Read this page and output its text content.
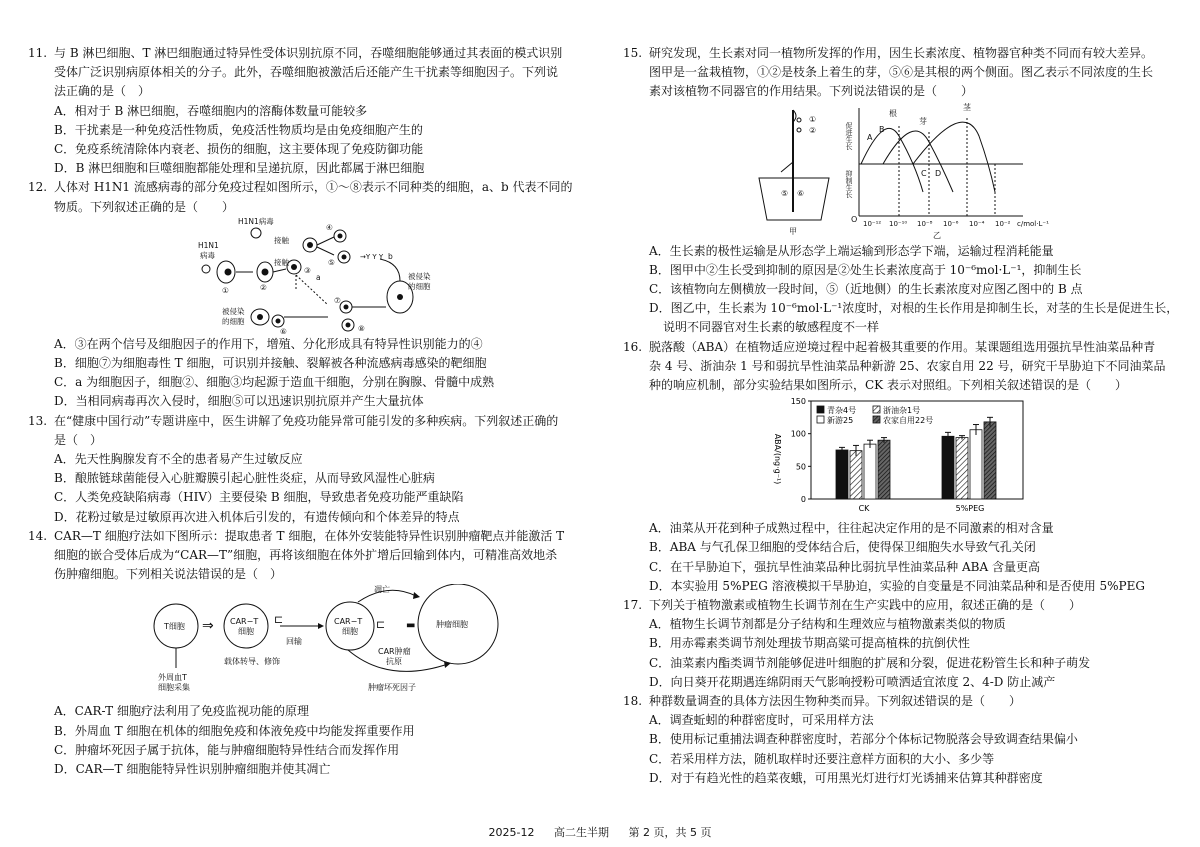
11. 与 B 淋巴细胞、T 淋巴细胞通过特异性受体识别抗原不同，吞噬细胞能够通过其表面的模式识别
受体广泛识别病原体相关的分子。此外，吞噬细胞被激活后还能产生干扰素等细胞因子。下列说
法正确的是（　）
A．相对于 B 淋巴细胞，吞噬细胞内的溶酶体数量可能较多
B．干扰素是一种免疫活性物质，免疫活性物质均是由免疫细胞产生的
C．免疫系统清除体内衰老、损伤的细胞，这主要体现了免疫防御功能
D．B 淋巴细胞和巨噬细胞都能处理和呈递抗原，因此都属于淋巴细胞
12. 人体对 H1N1 流感病毒的部分免疫过程如图所示，①～⑧表示不同种类的细胞，a、b 代表不同的
物质。下列叙述正确的是（　　）
H1N1病毒
接触
接触
H1N1
病毒
①	②
③
a
④
⑤
→Y Y Y b
被侵染
的细胞
被侵染
的细胞
⑥
⑦
⑧
A．③在两个信号及细胞因子的作用下，增殖、分化形成具有特异性识别能力的④
B．细胞⑦为细胞毒性 T 细胞，可识别并接触、裂解被各种流感病毒感染的靶细胞
C．a 为细胞因子，细胞②、细胞③均起源于造血干细胞，分别在胸腺、骨髓中成熟
D．当相同病毒再次入侵时，细胞⑤可以迅速识别抗原并产生大量抗体
13. 在“健康中国行动”专题讲座中，医生讲解了免疫功能异常可能引发的多种疾病。下列叙述正确的
是（　）
A．先天性胸腺发育不全的患者易产生过敏反应
B．酿脓链球菌能侵入心脏瓣膜引起心脏性炎症，从而导致风湿性心脏病
C．人类免疫缺陷病毒（HIV）主要侵染 B 细胞，导致患者免疫功能严重缺陷
D．花粉过敏是过敏原再次进入机体后引发的，有遗传倾向和个体差异的特点
14. CAR—T 细胞疗法如下图所示：提取患者 T 细胞，在体外安装能特异性识别肿瘤靶点并能激活 T
细胞的嵌合受体后成为“CAR—T”细胞，再将该细胞在体外扩增后回输到体内，可精准高效地杀
伤肿瘤细胞。下列相关说法错误的是（　）
T细胞
外周血T
细胞采集
⇒ CAR−T
细胞
载体转导、修饰
⊏
回输
CAR−T
细胞
⊏
凋亡
肿瘤细胞
▬
CAR肿瘤
抗原
肿瘤坏死因子
A．CAR-T 细胞疗法利用了免疫监视功能的原理
B．外周血 T 细胞在机体的细胞免疫和体液免疫中均能发挥重要作用
C．肿瘤坏死因子属于抗体，能与肿瘤细胞特异性结合而发挥作用
D．CAR—T 细胞能特异性识别肿瘤细胞并使其凋亡
15. 研究发现，生长素对同一植物所发挥的作用，因生长素浓度、植物器官种类不同而有较大差异。
图甲是一盆栽植物，①②是枝条上着生的芽，⑤⑥是其根的两个侧面。图乙表示不同浓度的生长
素对该植物不同器官的作用结果。下列说法错误的是（　　）
①
②
⑤ ⑥
甲
促进生长
抑制生长
O 10⁻¹² 10⁻¹⁰ 10⁻⁸ 10⁻⁶ 10⁻⁴ 10⁻² c/mol·L⁻¹
乙
根
芽
茎
A
B
C D
A．生长素的极性运输是从形态学上端运输到形态学下端，运输过程消耗能量
B．图甲中②生长受到抑制的原因是②处生长素浓度高于 10⁻⁶mol·L⁻¹，抑制生长
C．该植物向左侧横放一段时间，⑤（近地侧）的生长素浓度对应图乙图中的 B 点
D．图乙中，生长素为 10⁻⁶mol·L⁻¹浓度时，对根的生长作用是抑制生长，对茎的生长是促进生长，
说明不同器官对生长素的敏感程度不一样
16. 脱落酸（ABA）在植物适应逆境过程中起着极其重要的作用。某课题组选用强抗旱性油菜品种青
杂 4 号、浙油杂 1 号和弱抗旱性油菜品种新游 25、农家自用 22 号，研究干旱胁迫下不同油菜品
种的响应机制，部分实验结果如图所示，CK 表示对照组。下列相关叙述错误的是（　　）
ABA/(ng·g⁻¹)
0
50
100
150
CK	5%PEG
青杂4号	浙油杂1号
新游25	农家自用22号
A．油菜从开花到种子成熟过程中，往往起决定作用的是不同激素的相对含量
B．ABA 与气孔保卫细胞的受体结合后，使得保卫细胞失水导致气孔关闭
C．在干旱胁迫下，强抗旱性油菜品种比弱抗旱性油菜品种 ABA 含量更高
D．本实验用 5%PEG 溶液模拟干旱胁迫，实验的自变量是不同油菜品种和是否使用 5%PEG
17. 下列关于植物激素或植物生长调节剂在生产实践中的应用，叙述正确的是（　　）
A．植物生长调节剂都是分子结构和生理效应与植物激素类似的物质
B．用赤霉素类调节剂处理拔节期高粱可提高植株的抗倒伏性
C．油菜素内酯类调节剂能够促进叶细胞的扩展和分裂，促进花粉管生长和种子萌发
D．向日葵开花期遇连绵阴雨天气影响授粉可喷洒适宜浓度 2、4-D 防止减产
18. 种群数量调查的具体方法因生物种类而异。下列叙述错误的是（　　）
A．调查蚯蚓的种群密度时，可采用样方法
B．使用标记重捕法调查种群密度时，若部分个体标记物脱落会导致调查结果偏小
C．若采用样方法，随机取样时还要注意样方面积的大小、多少等
D．对于有趋光性的趋菜夜蛾，可用黑光灯进行灯光诱捕来估算其种群密度
2025-12 高二生半期 第 2 页，共 5 页
